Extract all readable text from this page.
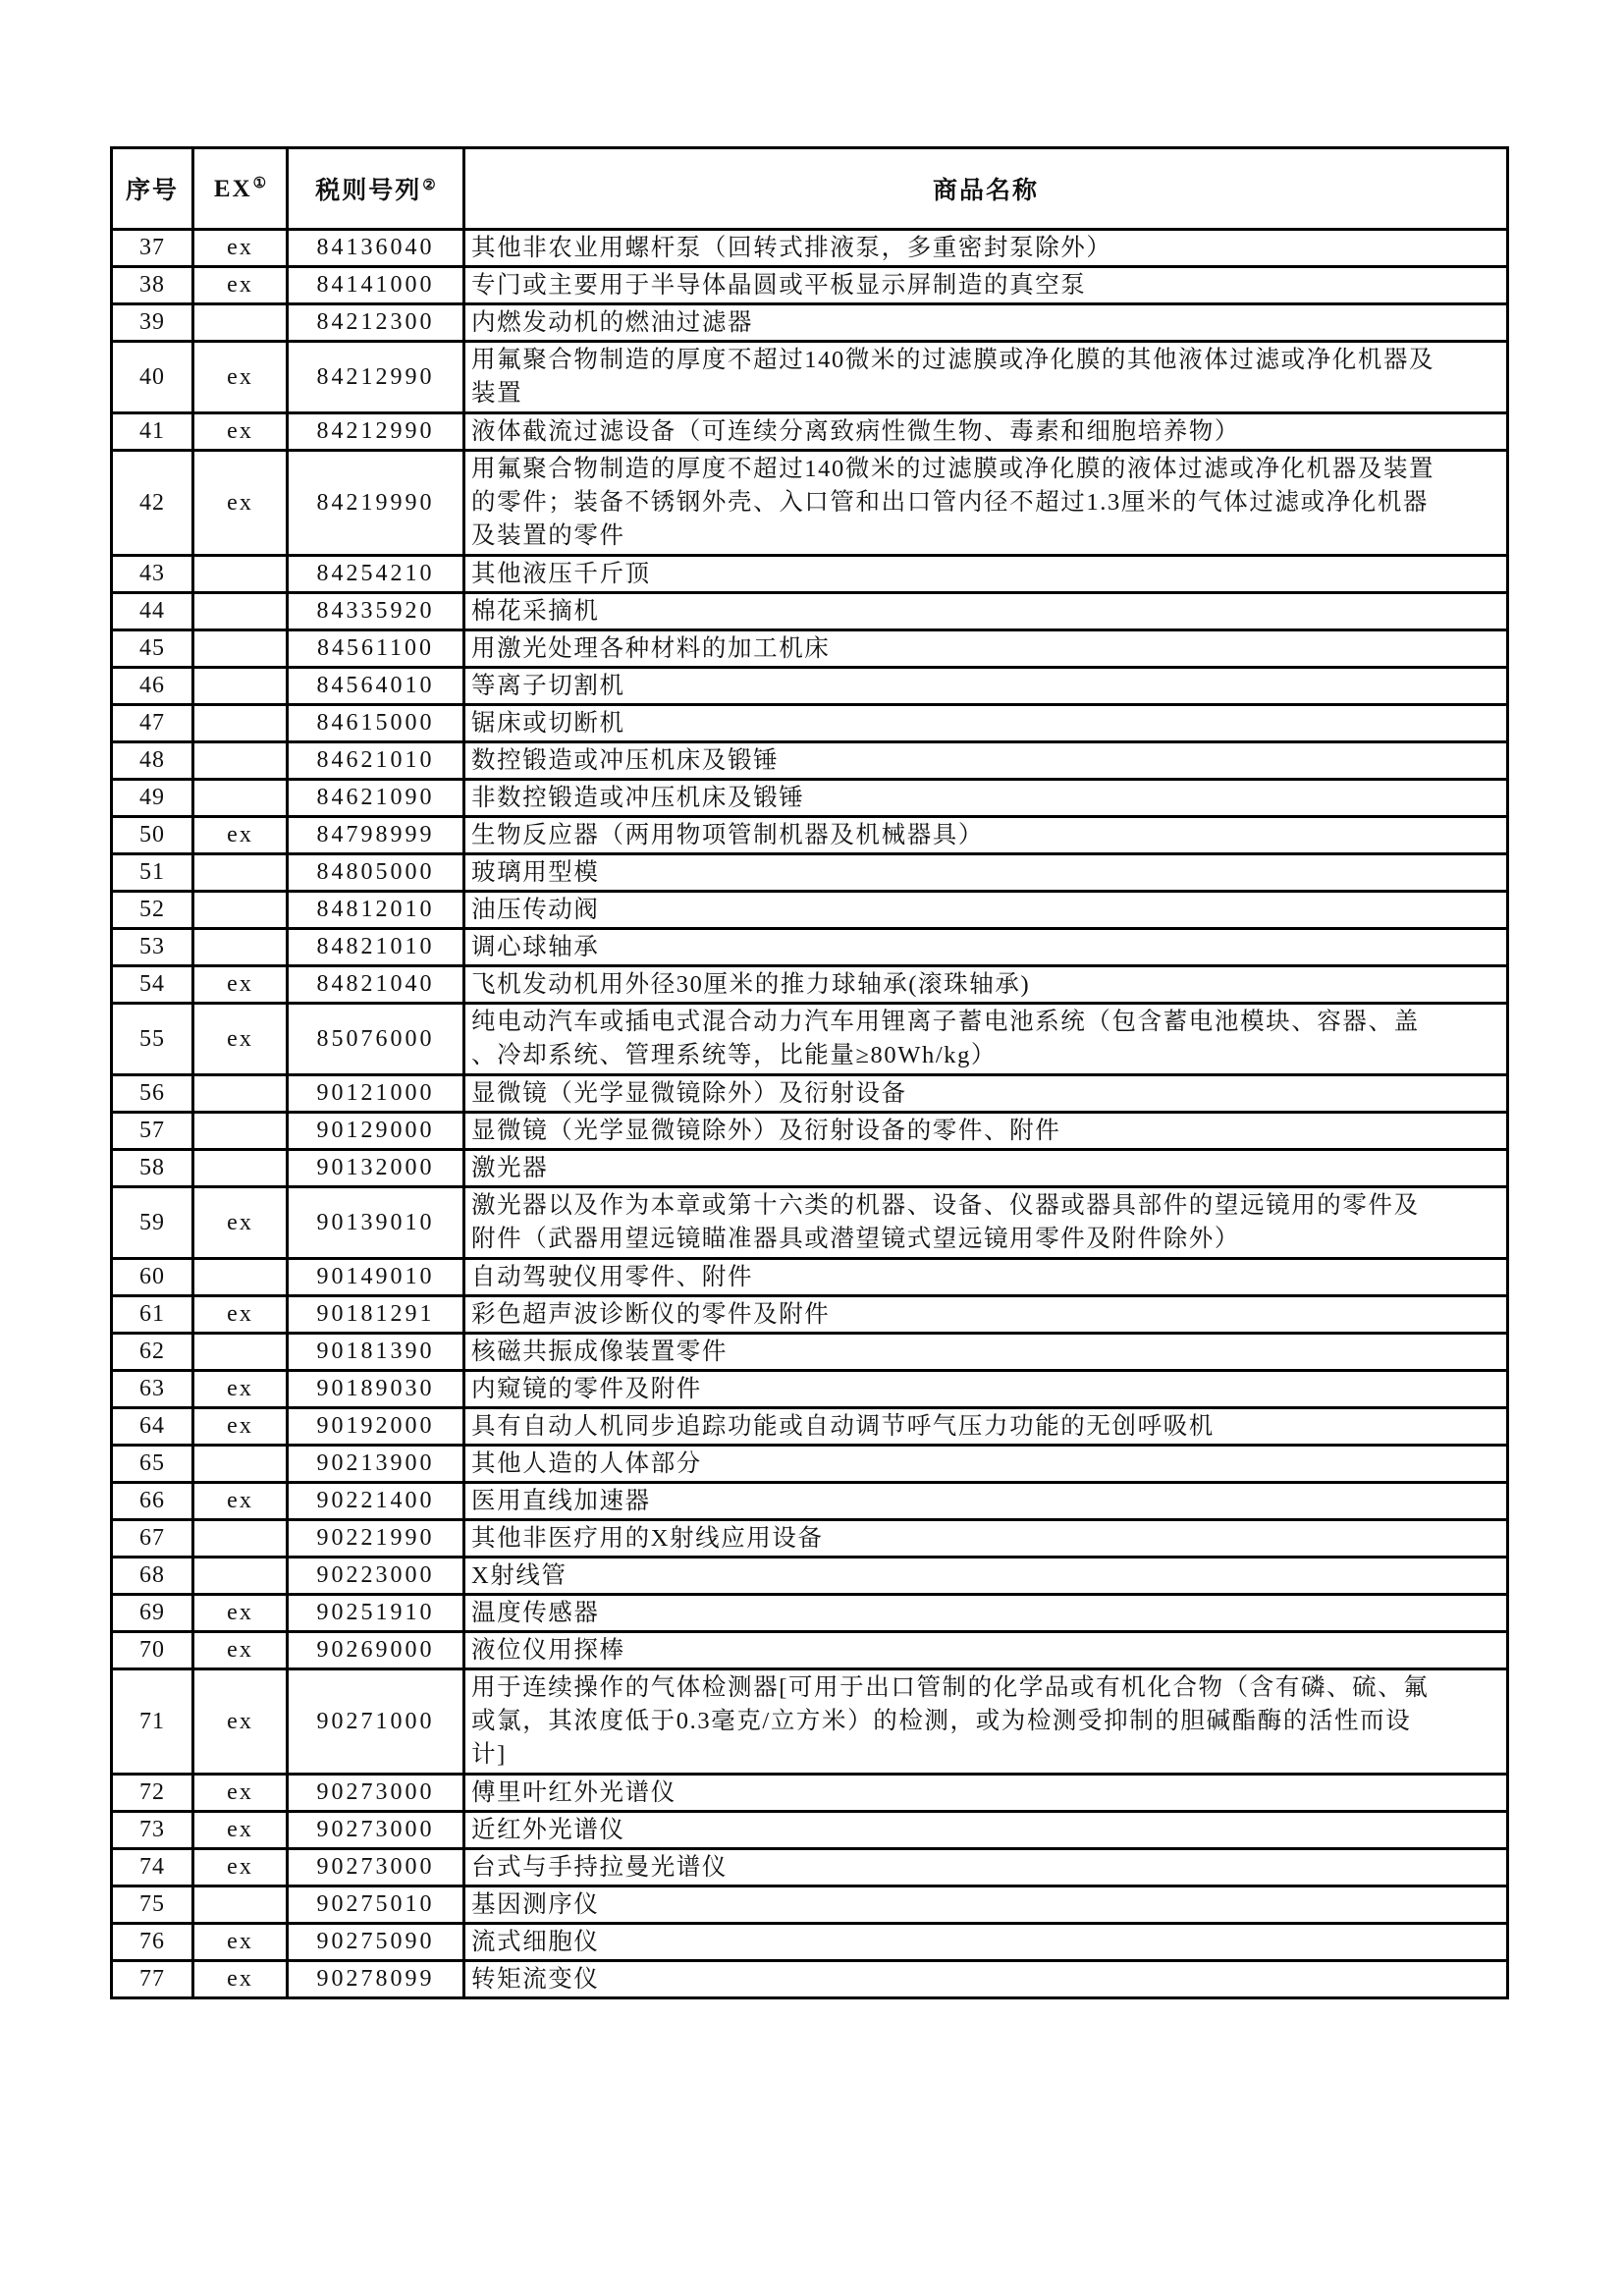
序号	EX①	税则号列②	商品名称
37	ex	84136040	其他非农业用螺杆泵（回转式排液泵，多重密封泵除外）

38	ex	84141000	专门或主要用于半导体晶圆或平板显示屏制造的真空泵

39		84212300	内燃发动机的燃油过滤器

40	ex	84212990	用氟聚合物制造的厚度不超过140微米的过滤膜或净化膜的其他液体过滤或净化机器及
装置

41	ex	84212990	液体截流过滤设备（可连续分离致病性微生物、毒素和细胞培养物）

42	ex	84219990	用氟聚合物制造的厚度不超过140微米的过滤膜或净化膜的液体过滤或净化机器及装置
的零件；装备不锈钢外壳、入口管和出口管内径不超过1.3厘米的气体过滤或净化机器
及装置的零件

43		84254210	其他液压千斤顶

44		84335920	棉花采摘机

45		84561100	用激光处理各种材料的加工机床

46		84564010	等离子切割机

47		84615000	锯床或切断机

48		84621010	数控锻造或冲压机床及锻锤

49		84621090	非数控锻造或冲压机床及锻锤

50	ex	84798999	生物反应器（两用物项管制机器及机械器具）

51		84805000	玻璃用型模

52		84812010	油压传动阀

53		84821010	调心球轴承

54	ex	84821040	飞机发动机用外径30厘米的推力球轴承(滚珠轴承)

55	ex	85076000	纯电动汽车或插电式混合动力汽车用锂离子蓄电池系统（包含蓄电池模块、容器、盖
、冷却系统、管理系统等，比能量≥80Wh/kg）

56		90121000	显微镜（光学显微镜除外）及衍射设备

57		90129000	显微镜（光学显微镜除外）及衍射设备的零件、附件

58		90132000	激光器

59	ex	90139010	激光器以及作为本章或第十六类的机器、设备、仪器或器具部件的望远镜用的零件及
附件（武器用望远镜瞄准器具或潜望镜式望远镜用零件及附件除外）

60		90149010	自动驾驶仪用零件、附件

61	ex	90181291	彩色超声波诊断仪的零件及附件

62		90181390	核磁共振成像装置零件

63	ex	90189030	内窥镜的零件及附件

64	ex	90192000	具有自动人机同步追踪功能或自动调节呼气压力功能的无创呼吸机

65		90213900	其他人造的人体部分

66	ex	90221400	医用直线加速器

67		90221990	其他非医疗用的X射线应用设备

68		90223000	X射线管

69	ex	90251910	温度传感器

70	ex	90269000	液位仪用探棒

71	ex	90271000	用于连续操作的气体检测器[可用于出口管制的化学品或有机化合物（含有磷、硫、氟
或氯，其浓度低于0.3毫克/立方米）的检测，或为检测受抑制的胆碱酯酶的活性而设
计]

72	ex	90273000	傅里叶红外光谱仪

73	ex	90273000	近红外光谱仪

74	ex	90273000	台式与手持拉曼光谱仪

75		90275010	基因测序仪

76	ex	90275090	流式细胞仪

77	ex	90278099	转矩流变仪
